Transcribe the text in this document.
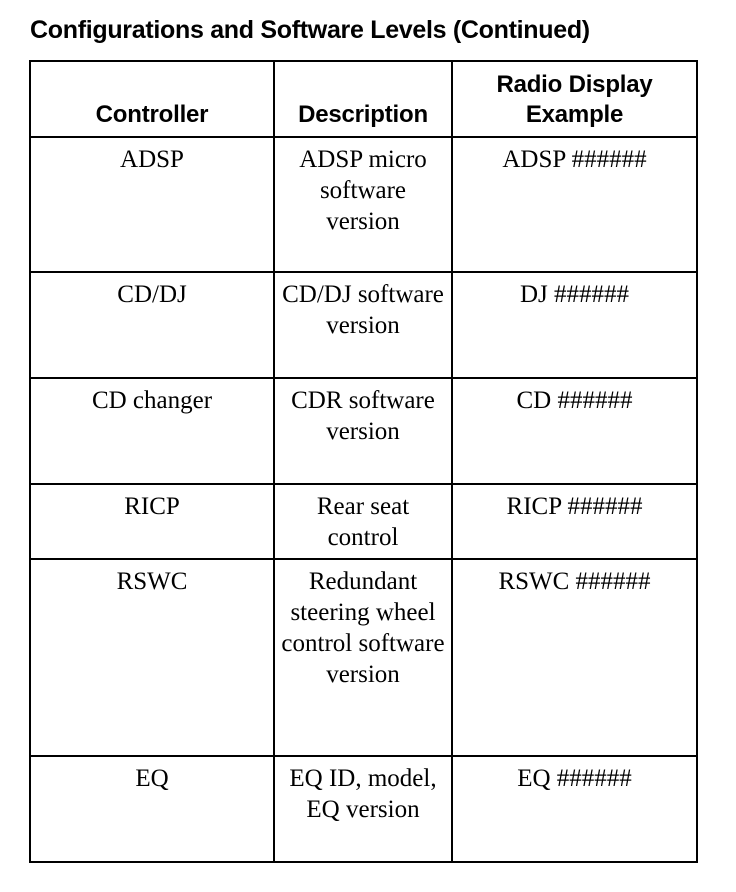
Configurations and Software Levels (Continued)
Controller	Description	Radio Display
Example

ADSP	ADSP micro software version	ADSP ######
CD/DJ	CD/DJ software version	DJ ######
CD changer	CDR software version	CD ######
RICP	Rear seat control	RICP ######
RSWC	Redundant steering wheel control software version	RSWC ######
EQ	EQ ID, model, EQ version	EQ ######
